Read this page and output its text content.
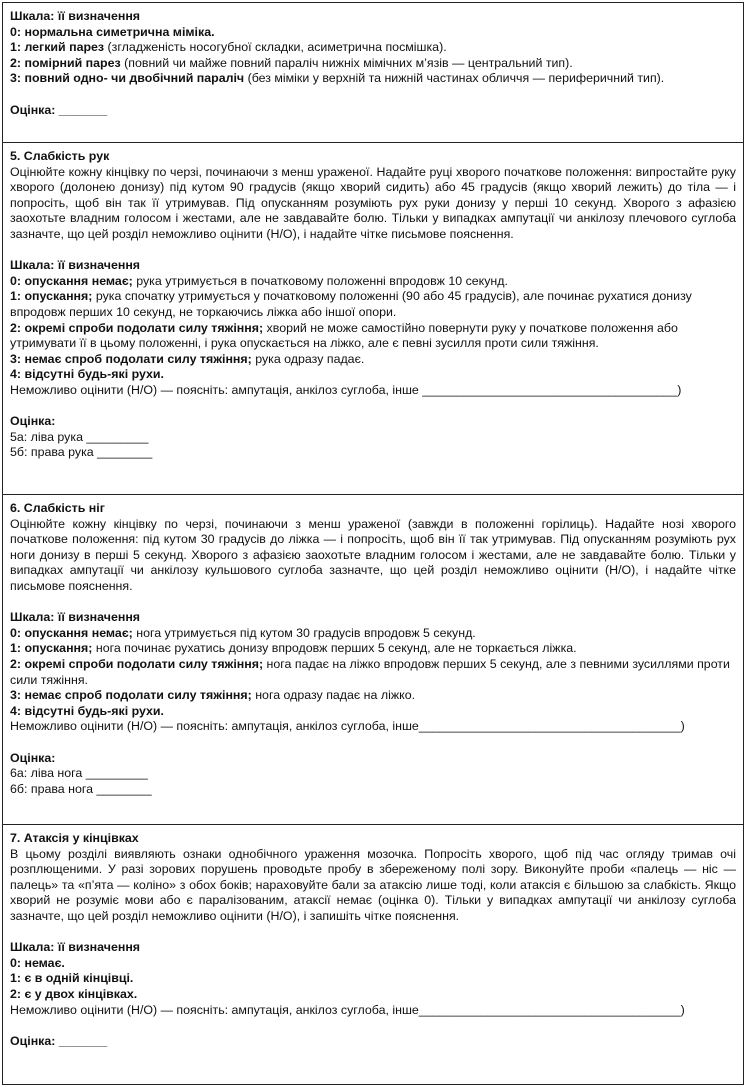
Шкала: її визначення

0: нормальна симетрична міміка.

1: легкий парез (згладженість носогубної складки, асиметрична посмішка).

2: помірний парез (повний чи майже повний параліч нижніх мімічних м’язів — центральний тип).

3: повний одно- чи двобічний параліч (без міміки у верхній та нижній частинах обличчя — периферичний тип).

Оцінка: _______

5. Слабкість рук

Оцінюйте кожну кінцівку по черзі, починаючи з менш ураженої. Надайте руці хворого початкове положення: випростайте руку хворого (долонею донизу) під кутом 90 градусів (якщо хворий сидить) або 45 градусів (якщо хворий лежить) до тіла — і попросіть, щоб він так її утримував. Під опусканням розуміють рух руки донизу у перші 10 секунд. Хворого з афазією заохотьте владним голосом і жестами, але не завдавайте болю. Тільки у випадках ампутації чи анкілозу плечового суглоба зазначте, що цей розділ неможливо оцінити (Н/О), і надайте чітке письмове пояснення.

Шкала: її визначення

0: опускання немає; рука утримується в початковому положенні впродовж 10 секунд.

1: опускання; рука спочатку утримується у початковому положенні (90 або 45 градусів), але починає рухатися донизу впродовж перших 10 секунд, не торкаючись ліжка або іншої опори.

2: окремі спроби подолати силу тяжіння; хворий не може самостійно повернути руку у початкове положення або утримувати її в цьому положенні, і рука опускається на ліжко, але є певні зусилля проти сили тяжіння.

3: немає спроб подолати силу тяжіння; рука одразу падає.

4: відсутні будь-які рухи.

Неможливо оцінити (Н/О) — поясніть: ампутація, анкілоз суглоба, інше _____________________________________)

Оцінка:

5а: ліва рука _________

5б: права рука ________

6. Слабкість ніг

Оцінюйте кожну кінцівку по черзі, починаючи з менш ураженої (завжди в положенні горілиць). Надайте нозі хворого початкове положення: під кутом 30 градусів до ліжка — і попросіть, щоб він її так утримував. Під опусканням розуміють рух ноги донизу в перші 5 секунд. Хворого з афазією заохотьте владним голосом і жестами, але не завдавайте болю. Тільки у випадках ампутації чи анкілозу кульшового суглоба зазначте, що цей розділ неможливо оцінити (Н/О), і надайте чітке письмове пояснення.

Шкала: її визначення

0: опускання немає; нога утримується під кутом 30 градусів впродовж 5 секунд.

1: опускання; нога починає рухатись донизу впродовж перших 5 секунд, але не торкається ліжка.

2: окремі спроби подолати силу тяжіння; нога падає на ліжко впродовж перших 5 секунд, але з певними зусиллями проти сили тяжіння.

3: немає спроб подолати силу тяжіння; нога одразу падає на ліжко.

4: відсутні будь-які рухи.

Неможливо оцінити (Н/О) — поясніть: ампутація, анкілоз суглоба, інше______________________________________)

Оцінка:

6а: ліва нога _________

6б: права нога ________

7. Атаксія у кінцівках

В цьому розділі виявляють ознаки однобічного ураження мозочка. Попросіть хворого, щоб під час огляду тримав очі розплющеними. У разі зорових порушень проводьте пробу в збереженому полі зору. Виконуйте проби «палець — ніс — палець» та «п’ята — коліно» з обох боків; нараховуйте бали за атаксію лише тоді, коли атаксія є більшою за слабкість. Якщо хворий не розуміє мови або є паралізованим, атаксії немає (оцінка 0). Тільки у випадках ампутації чи анкілозу суглоба зазначте, що цей розділ неможливо оцінити (Н/О), і запишіть чітке пояснення.

Шкала: її визначення

0: немає.

1: є в одній кінцівці.

2: є у двох кінцівках.

Неможливо оцінити (Н/О) — поясніть: ампутація, анкілоз суглоба, інше______________________________________)

Оцінка: _______
